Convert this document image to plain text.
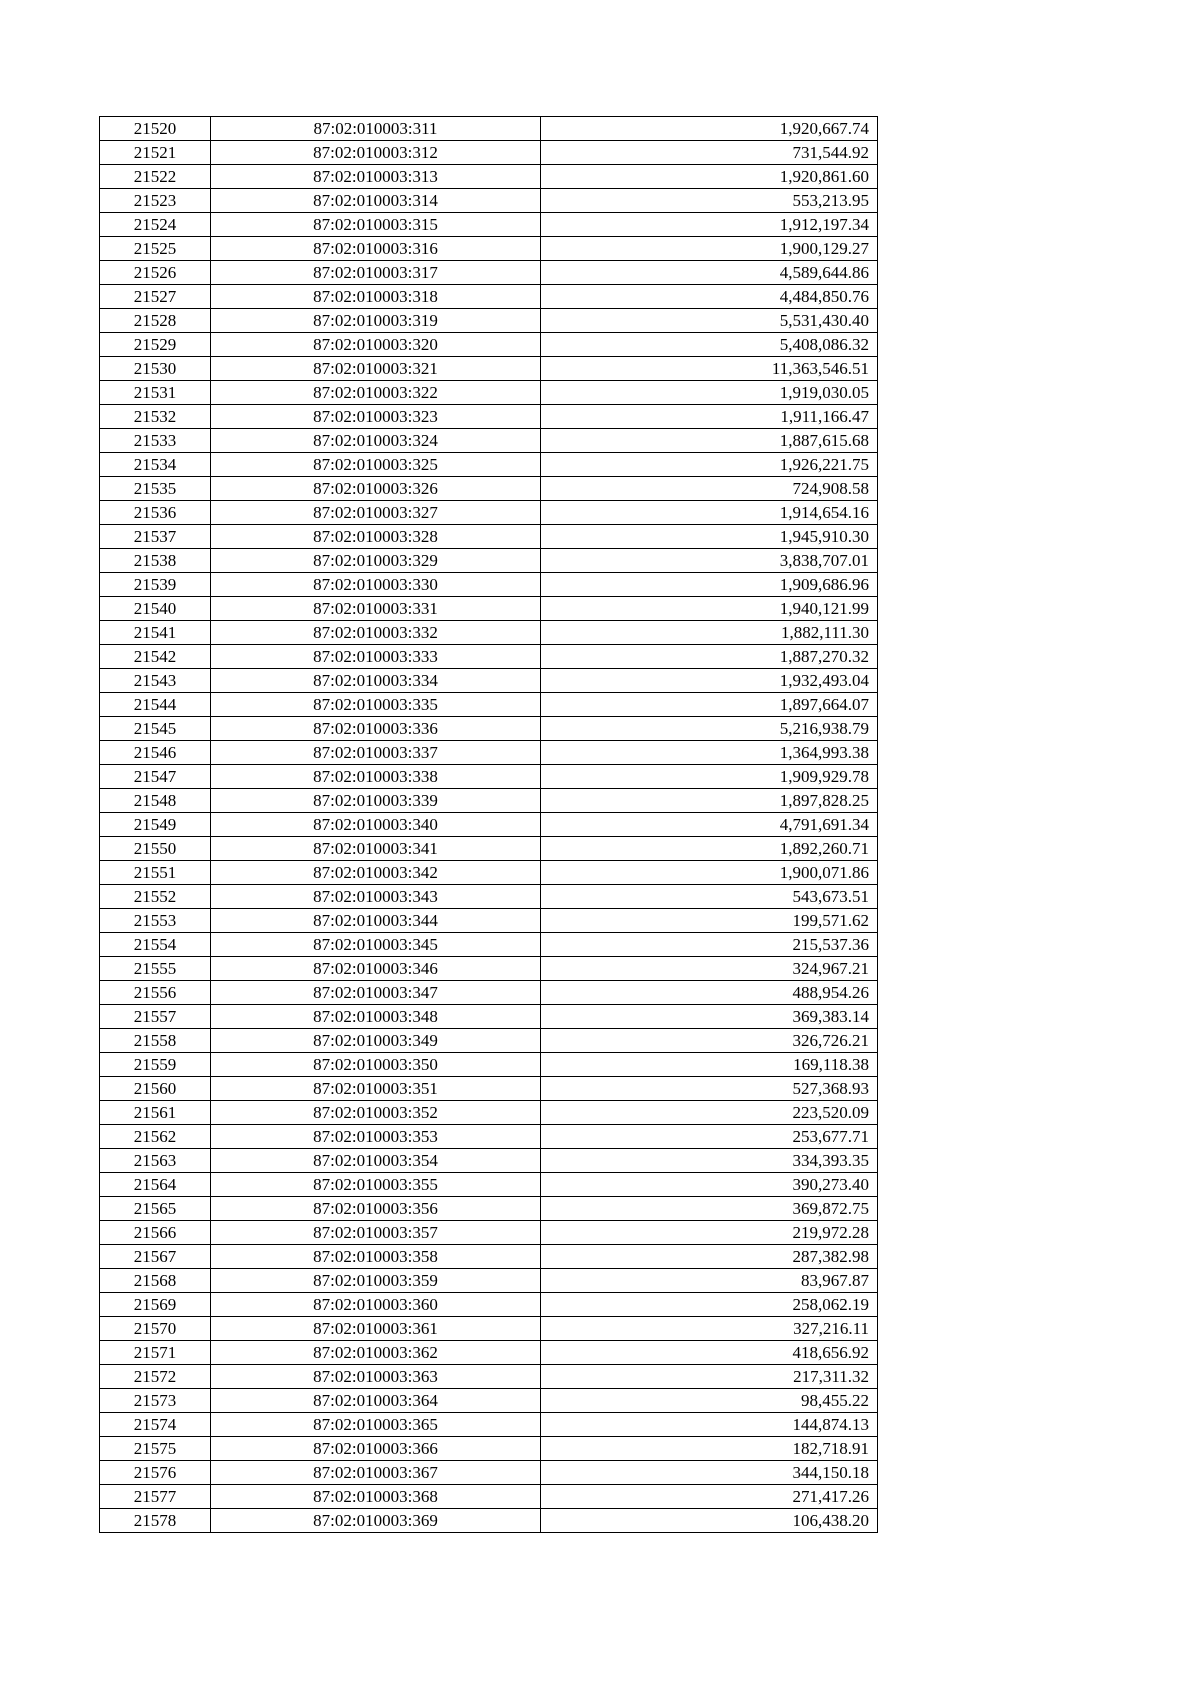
21520	87:02:010003:311	1,920,667.74
21521	87:02:010003:312	731,544.92
21522	87:02:010003:313	1,920,861.60
21523	87:02:010003:314	553,213.95
21524	87:02:010003:315	1,912,197.34
21525	87:02:010003:316	1,900,129.27
21526	87:02:010003:317	4,589,644.86
21527	87:02:010003:318	4,484,850.76
21528	87:02:010003:319	5,531,430.40
21529	87:02:010003:320	5,408,086.32
21530	87:02:010003:321	11,363,546.51
21531	87:02:010003:322	1,919,030.05
21532	87:02:010003:323	1,911,166.47
21533	87:02:010003:324	1,887,615.68
21534	87:02:010003:325	1,926,221.75
21535	87:02:010003:326	724,908.58
21536	87:02:010003:327	1,914,654.16
21537	87:02:010003:328	1,945,910.30
21538	87:02:010003:329	3,838,707.01
21539	87:02:010003:330	1,909,686.96
21540	87:02:010003:331	1,940,121.99
21541	87:02:010003:332	1,882,111.30
21542	87:02:010003:333	1,887,270.32
21543	87:02:010003:334	1,932,493.04
21544	87:02:010003:335	1,897,664.07
21545	87:02:010003:336	5,216,938.79
21546	87:02:010003:337	1,364,993.38
21547	87:02:010003:338	1,909,929.78
21548	87:02:010003:339	1,897,828.25
21549	87:02:010003:340	4,791,691.34
21550	87:02:010003:341	1,892,260.71
21551	87:02:010003:342	1,900,071.86
21552	87:02:010003:343	543,673.51
21553	87:02:010003:344	199,571.62
21554	87:02:010003:345	215,537.36
21555	87:02:010003:346	324,967.21
21556	87:02:010003:347	488,954.26
21557	87:02:010003:348	369,383.14
21558	87:02:010003:349	326,726.21
21559	87:02:010003:350	169,118.38
21560	87:02:010003:351	527,368.93
21561	87:02:010003:352	223,520.09
21562	87:02:010003:353	253,677.71
21563	87:02:010003:354	334,393.35
21564	87:02:010003:355	390,273.40
21565	87:02:010003:356	369,872.75
21566	87:02:010003:357	219,972.28
21567	87:02:010003:358	287,382.98
21568	87:02:010003:359	83,967.87
21569	87:02:010003:360	258,062.19
21570	87:02:010003:361	327,216.11
21571	87:02:010003:362	418,656.92
21572	87:02:010003:363	217,311.32
21573	87:02:010003:364	98,455.22
21574	87:02:010003:365	144,874.13
21575	87:02:010003:366	182,718.91
21576	87:02:010003:367	344,150.18
21577	87:02:010003:368	271,417.26
21578	87:02:010003:369	106,438.20
